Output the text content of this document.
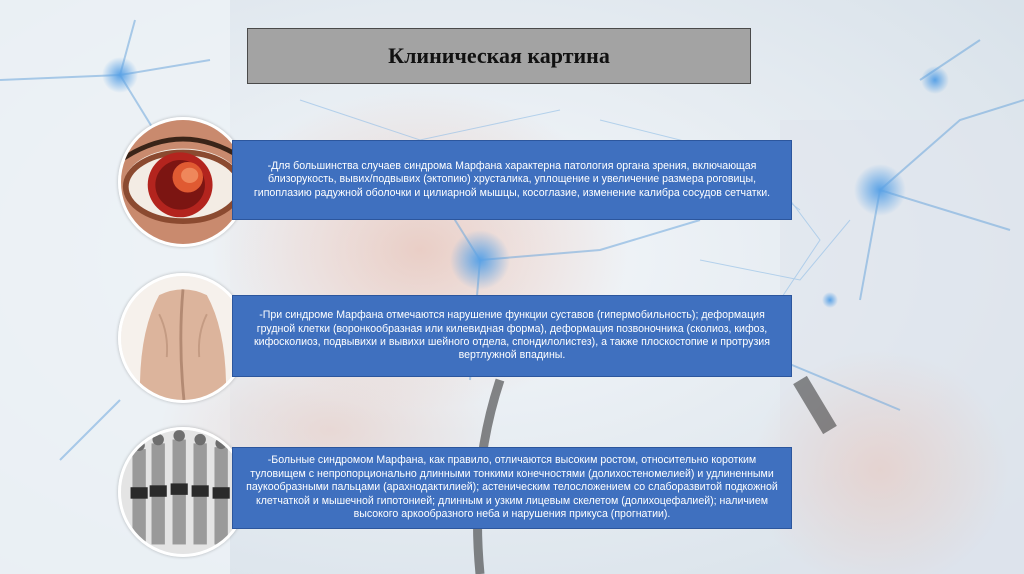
Клиническая картина
-Для большинства случаев синдрома Марфана характерна патология органа зрения, включающая близорукость, вывих/подвывих (эктопию) хрусталика, уплощение и увеличение размера роговицы, гипоплазию радужной оболочки и цилиарной мышцы, косоглазие, изменение калибра сосудов сетчатки.
-При синдроме Марфана отмечаются нарушение функции суставов (гипермобильность); деформация грудной клетки (воронкообразная или килевидная форма), деформация позвоночника (сколиоз, кифоз, кифосколиоз, подвывихи и вывихи шейного отдела, спондилолистез), а также плоскостопие и протрузия вертлужной впадины.
-Больные синдромом Марфана, как правило, отличаются высоким ростом, относительно коротким туловищем с непропорционально длинными тонкими конечностями (долихостеномелией) и удлиненными паукообразными пальцами (арахнодактилией); астеническим телосложением со слаборазвитой подкожной клетчаткой и мышечной гипотонией; длинным и узким лицевым скелетом (долихоцефалией); наличием высокого аркообразного неба и нарушения прикуса (прогнатии).
